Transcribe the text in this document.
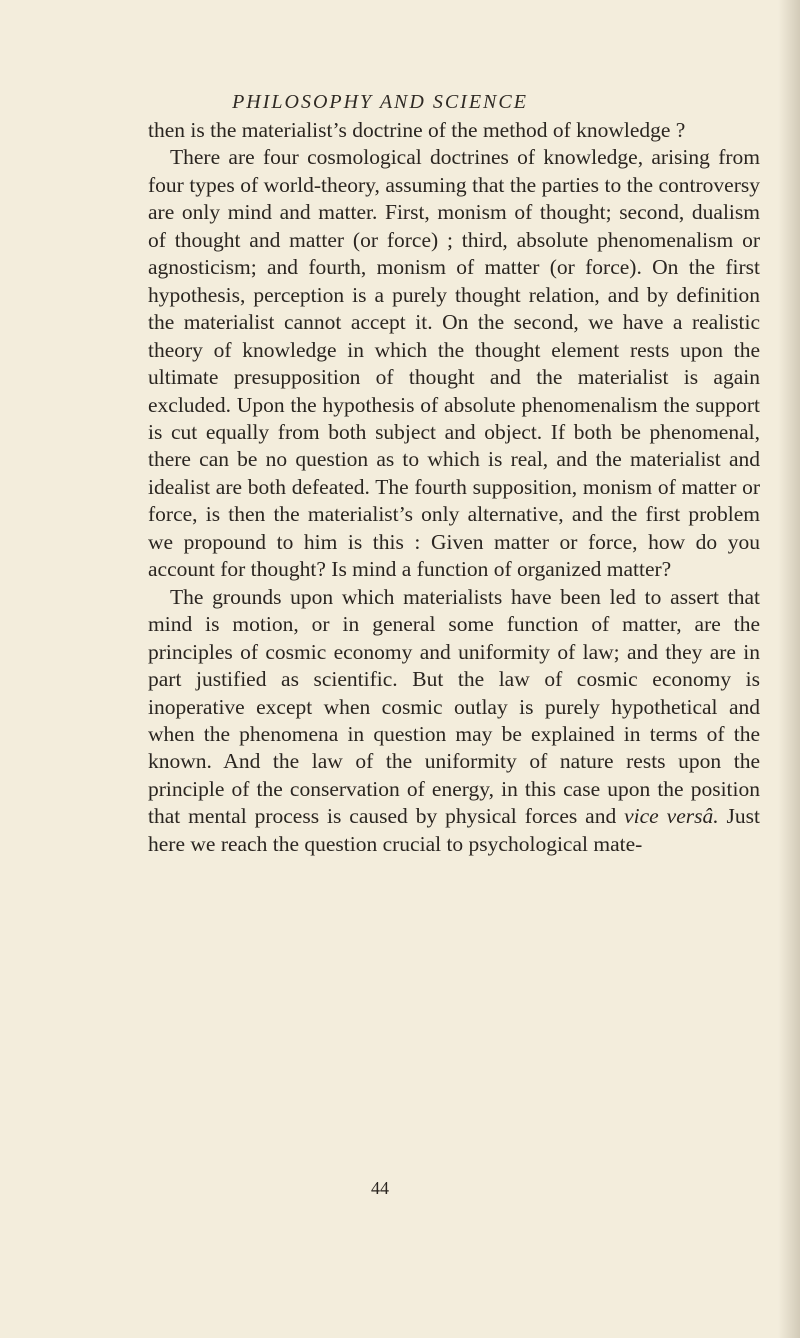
PHILOSOPHY AND SCIENCE

then is the materialist’s doctrine of the method of knowledge ?

There are four cosmological doctrines of knowledge, arising from four types of world-theory, assuming that the parties to the controversy are only mind and matter. First, monism of thought; second, dualism of thought and matter (or force) ; third, absolute phenomenalism or agnosticism; and fourth, monism of matter (or force). On the first hypothesis, perception is a purely thought relation, and by definition the materialist cannot accept it. On the second, we have a realistic theory of knowledge in which the thought element rests upon the ultimate presupposition of thought and the materialist is again excluded. Upon the hypothesis of absolute phenomenalism the support is cut equally from both subject and object. If both be phenomenal, there can be no question as to which is real, and the materialist and idealist are both defeated. The fourth supposition, monism of matter or force, is then the materialist’s only alternative, and the first problem we propound to him is this : Given matter or force, how do you account for thought? Is mind a function of organized matter?

The grounds upon which materialists have been led to assert that mind is motion, or in general some function of matter, are the principles of cosmic economy and uniformity of law; and they are in part justified as scientific. But the law of cosmic economy is inoperative except when cosmic outlay is purely hypothetical and when the phenomena in question may be explained in terms of the known. And the law of the uniformity of nature rests upon the principle of the conservation of energy, in this case upon the position that mental process is caused by physical forces and vice versâ. Just here we reach the question crucial to psychological mate-

44
